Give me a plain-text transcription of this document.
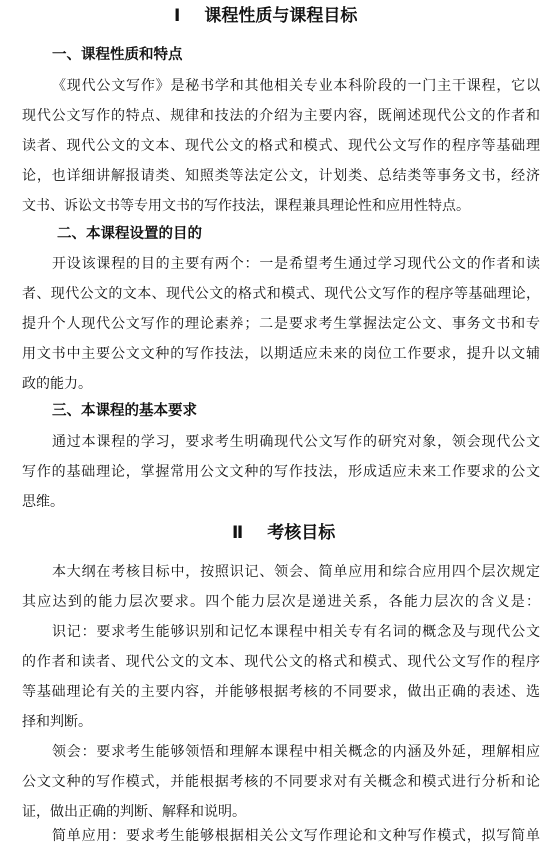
Ⅰ 课程性质与课程目标
一、课程性质和特点
《现代公文写作》是秘书学和其他相关专业本科阶段的一门主干课程，它以
现代公文写作的特点、规律和技法的介绍为主要内容，既阐述现代公文的作者和
读者、现代公文的文本、现代公文的格式和模式、现代公文写作的程序等基础理
论，也详细讲解报请类、知照类等法定公文，计划类、总结类等事务文书，经济
文书、诉讼文书等专用文书的写作技法，课程兼具理论性和应用性特点。
二、本课程设置的目的
开设该课程的目的主要有两个：一是希望考生通过学习现代公文的作者和读
者、现代公文的文本、现代公文的格式和模式、现代公文写作的程序等基础理论，
提升个人现代公文写作的理论素养；二是要求考生掌握法定公文、事务文书和专
用文书中主要公文文种的写作技法，以期适应未来的岗位工作要求，提升以文辅
政的能力。
三、本课程的基本要求
通过本课程的学习，要求考生明确现代公文写作的研究对象，领会现代公文
写作的基础理论，掌握常用公文文种的写作技法，形成适应未来工作要求的公文
思维。
Ⅱ 考核目标
本大纲在考核目标中，按照识记、领会、简单应用和综合应用四个层次规定
其应达到的能力层次要求。四个能力层次是递进关系，各能力层次的含义是：
识记：要求考生能够识别和记忆本课程中相关专有名词的概念及与现代公文
的作者和读者、现代公文的文本、现代公文的格式和模式、现代公文写作的程序
等基础理论有关的主要内容，并能够根据考核的不同要求，做出正确的表述、选
择和判断。
领会：要求考生能够领悟和理解本课程中相关概念的内涵及外延，理解相应
公文文种的写作模式，并能根据考核的不同要求对有关概念和模式进行分析和论
证，做出正确的判断、解释和说明。
简单应用：要求考生能够根据相关公文写作理论和文种写作模式，拟写简单
